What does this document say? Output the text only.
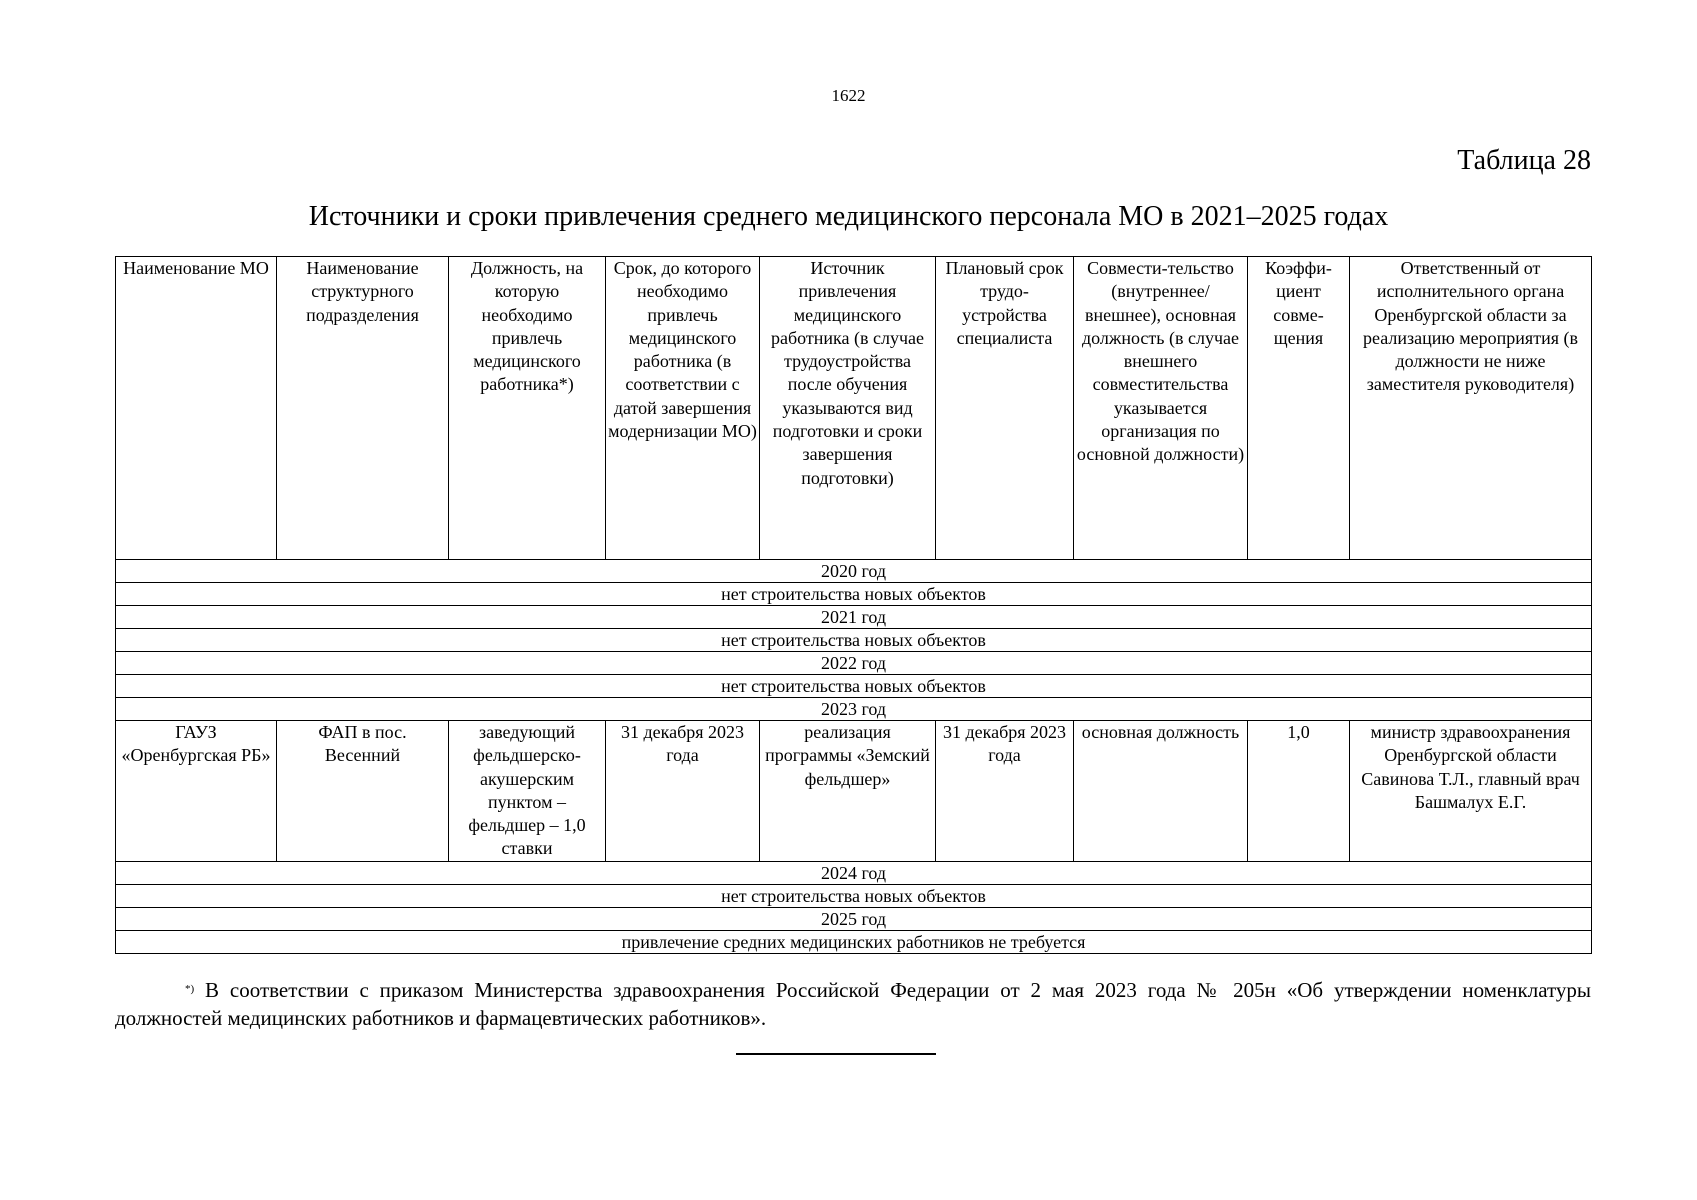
1622
Таблица 28
Источники и сроки привлечения среднего медицинского персонала МО в 2021–2025 годах
Наименование МО	Наименование структурного подразделения	Должность, на которую необходимо привлечь медицинского работника*)	Срок, до которого необходимо привлечь медицинского работника (в соответствии с датой завершения модернизации МО)	Источник привлечения медицинского работника (в случае трудоустройства после обучения указываются вид подготовки и сроки завершения подготовки)	Плановый срок трудо-устройства специалиста	Совмести-тельство (внутреннее/ внешнее), основная должность (в случае внешнего совместительства указывается организация по основной должности)	Коэффи-циент совме-щения	Ответственный от исполнительного органа Оренбургской области за реализацию мероприятия (в должности не ниже заместителя руководителя)
2020 год								
нет строительства новых объектов								
2021 год								
нет строительства новых объектов								
2022 год								
нет строительства новых объектов								
2023 год								
ГАУЗ «Оренбургская РБ»	ФАП в пос. Весенний	заведующий фельдшерско-акушерским пунктом – фельдшер – 1,0 ставки	31 декабря 2023 года	реализация программы «Земский фельдшер»	31 декабря 2023 года	основная должность	1,0	министр здравоохранения Оренбургской области Савинова Т.Л., главный врач Башмалух Е.Г.
2024 год								
нет строительства новых объектов								
2025 год								
привлечение средних медицинских работников не требуется								
*) В соответствии с приказом Министерства здравоохранения Российской Федерации от 2 мая 2023 года № 205н «Об утверждении номенклатуры должностей медицинских работников и фармацевтических работников».
